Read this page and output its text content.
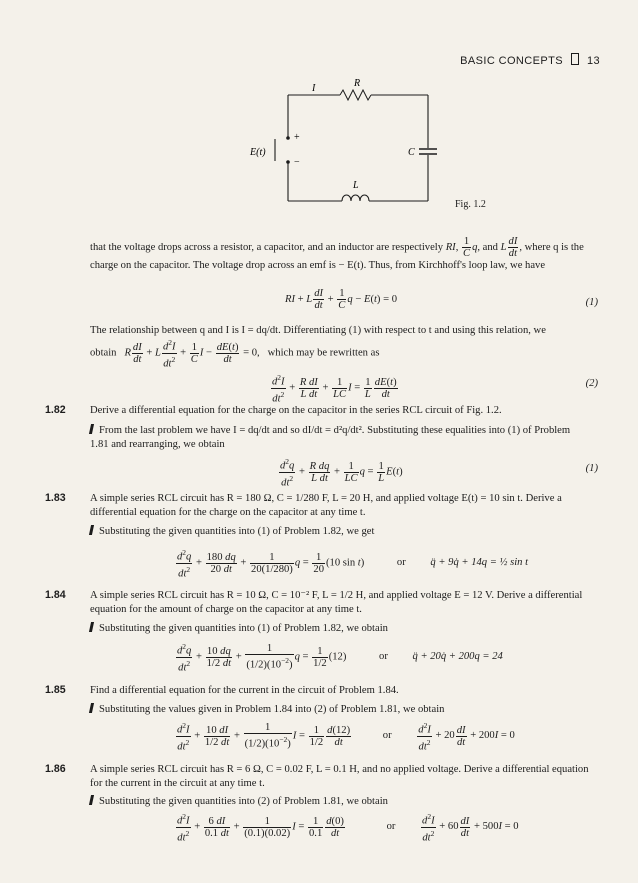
BASIC CONCEPTS 13
I	R
+
−
E(t)	C
L
Fig. 1.2
that the voltage drops across a resistor, a capacitor, and an inductor are respectively RI, $\frac{1}{C} q$, and L $\frac{dI}{dt}$ , where q is the charge on the capacitor. The voltage drop across an emf is − E(t). Thus, from Kirchhoff's loop law, we have
RI + L $\frac{dI}{dt} + \frac{1}{C}$ q − E(t) = 0	(1)
The relationship between q and I is I = dq/dt. Differentiating (1) with respect to t and using this relation, we
obtain R $\frac{dI}{dt} + L \frac{d^2I}{dt^2} + \frac{1}{C}$ $I - \frac{dE(t)}{dt} = 0$,   which may be rewritten as
$\frac{d^2I}{dt^2} + \frac{\text{R dI}}{\text{L dt}} + \frac{1}{LC}$ $I = \frac{1}{L} \frac{dE(t)}{dt}$	(2)
1.82 Derive a differential equation for the charge on the capacitor in the series RCL circuit of Fig. 1.2.
From the last problem we have I = dq/dt and so dI/dt = d²q/dt². Substituting these equalities into (1) of Problem 1.81 and rearranging, we obtain
$\frac{d^2q}{dt^2} + \frac{\text{R dq}}{\text{L dt}} + \frac{1}{LC}$ $q = \frac{1}{L} E(t)$	(1)
1.83 A simple series RCL circuit has R = 180 Ω, C = 1/280 F, L = 20 H, and applied voltage E(t) = 10 sin t. Derive a differential equation for the charge on the capacitor at any time t.
Substituting the given quantities into (1) of Problem 1.82, we get
$\frac{d^2q}{dt^2} + \frac{180 dq}{20 dt} + \frac{1}{20(1/280)}$ $q = \frac{1}{20} (10$ sin t)	or q̈ + 9q̇ + 14q = ½ sin t
1.84 A simple series RCL circuit has R = 10 Ω, C = 10⁻² F, L = 1/2 H, and applied voltage E = 12 V. Derive a differential equation for the amount of charge on the capacitor at any time t.
Substituting the given quantities into (1) of Problem 1.82, we obtain
$\frac{d^2q}{dt^2} + \frac{10 dq}{1/2 dt} + \frac{1}{(1/2)(10^{-2})}$ $q = \frac{1}{1/2} (12)$	or q̈ + 20q̇ + 200q = 24
1.85 Find a differential equation for the current in the circuit of Problem 1.84.
Substituting the values given in Problem 1.84 into (2) of Problem 1.81, we obtain
$\frac{d^2I}{dt^2} + \frac{10 dI}{1/2 dt} + \frac{1}{(1/2)(10^{-2})}$ $I = \frac{1}{1/2} \frac{d(12)}{dt}$	or $\frac{d^2I}{dt^2} + 20 \frac{dI}{dt} + 200I = 0$
1.86 A simple series RCL circuit has R = 6 Ω, C = 0.02 F, L = 0.1 H, and no applied voltage. Derive a differential equation for the current in the circuit at any time t.
Substituting the given quantities into (2) of Problem 1.81, we obtain
$\frac{d^2I}{dt^2} + \frac{6 dI}{0.1 dt} + \frac{1}{(0.1)(0.02)}$ $I = \frac{1}{0.1} \frac{d(0)}{dt}$	or $\frac{d^2I}{dt^2} + 60 \frac{dI}{dt} + 500I = 0$
